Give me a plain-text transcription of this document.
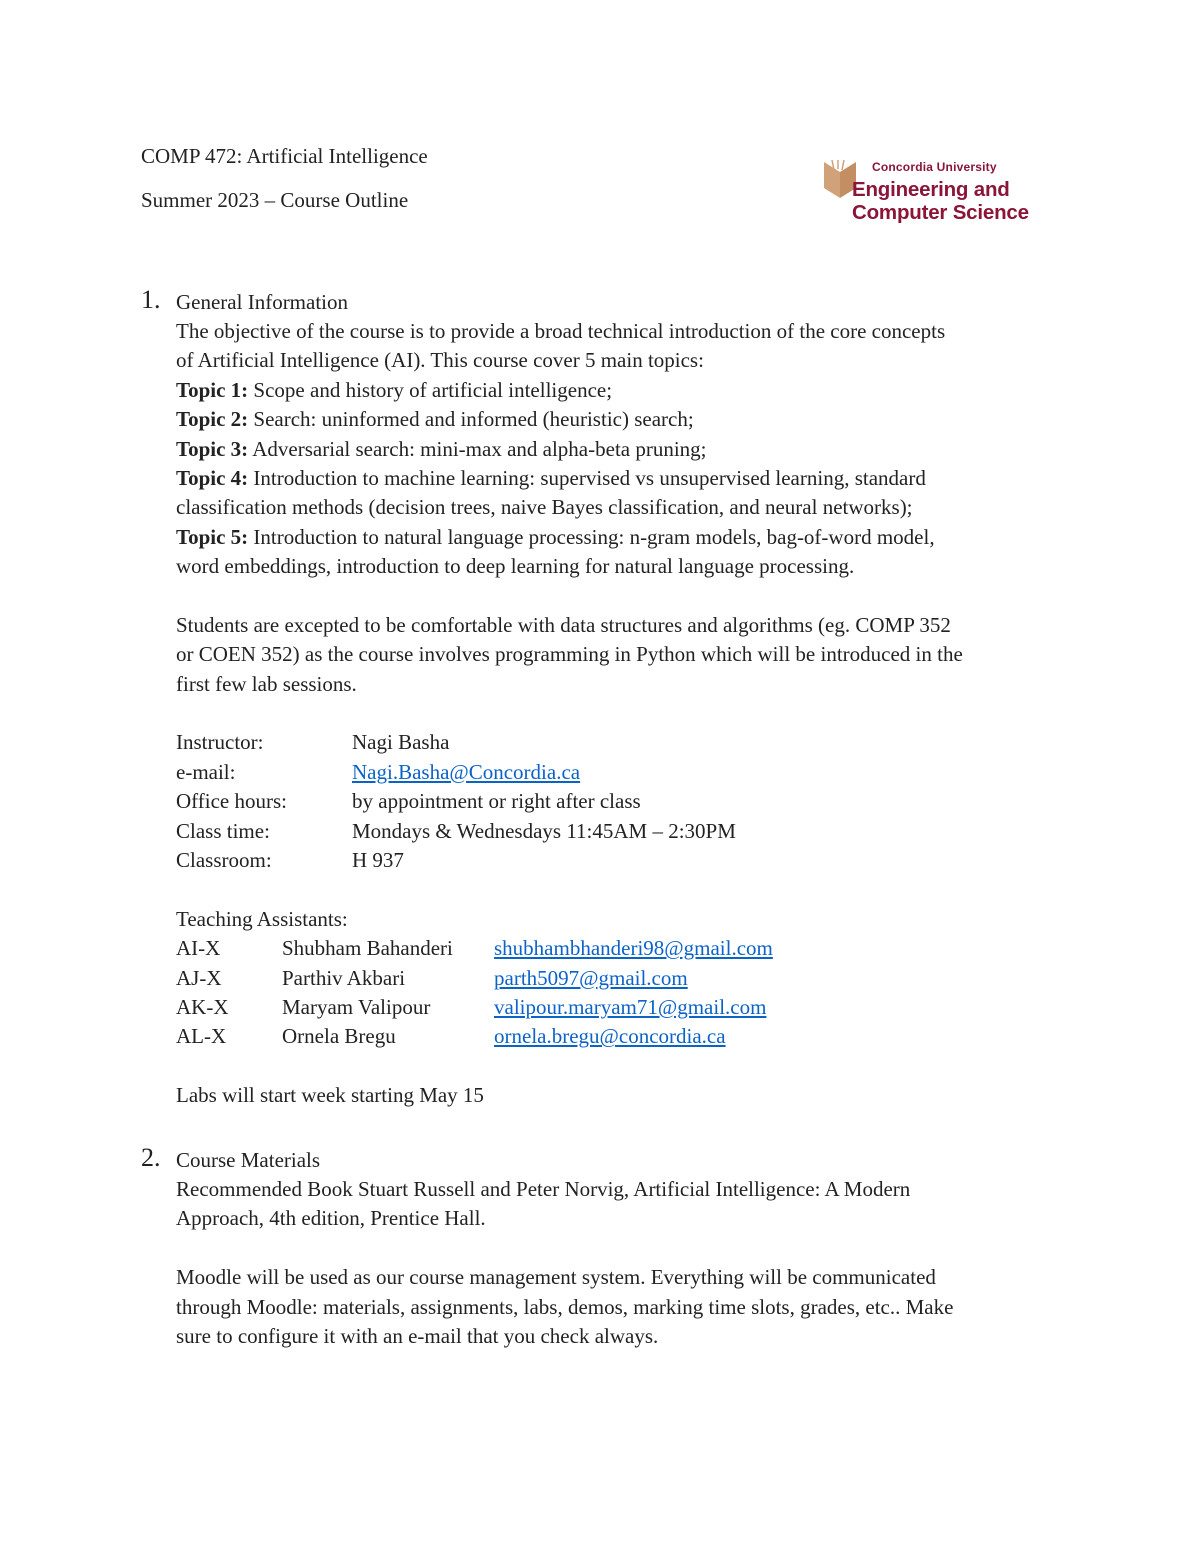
COMP 472: Artificial Intelligence
Summer 2023 – Course Outline
Concordia University
Engineering and
Computer Science
1. General Information
The objective of the course is to provide a broad technical introduction of the core concepts
of Artificial Intelligence (AI). This course cover 5 main topics:
Topic 1: Scope and history of artificial intelligence;
Topic 2: Search: uninformed and informed (heuristic) search;
Topic 3: Adversarial search: mini-max and alpha-beta pruning;
Topic 4: Introduction to machine learning: supervised vs unsupervised learning, standard
classification methods (decision trees, naive Bayes classification, and neural networks);
Topic 5: Introduction to natural language processing: n-gram models, bag-of-word model,
word embeddings, introduction to deep learning for natural language processing.
Students are excepted to be comfortable with data structures and algorithms (eg. COMP 352
or COEN 352) as the course involves programming in Python which will be introduced in the
first few lab sessions.
Instructor:	Nagi Basha
e-mail:	Nagi.Basha@Concordia.ca
Office hours:	by appointment or right after class
Class time:	Mondays & Wednesdays 11:45AM – 2:30PM
Classroom:	H 937
Teaching Assistants:
AI-X	Shubham Bahanderi shubhambhanderi98@gmail.com
AJ-X	Parthiv Akbari	parth5097@gmail.com
AK-X	Maryam Valipour	valipour.maryam71@gmail.com
AL-X	Ornela Bregu	ornela.bregu@concordia.ca
Labs will start week starting May 15
2. Course Materials
Recommended Book Stuart Russell and Peter Norvig, Artificial Intelligence: A Modern
Approach, 4th edition, Prentice Hall.
Moodle will be used as our course management system. Everything will be communicated
through Moodle: materials, assignments, labs, demos, marking time slots, grades, etc.. Make
sure to configure it with an e-mail that you check always.
